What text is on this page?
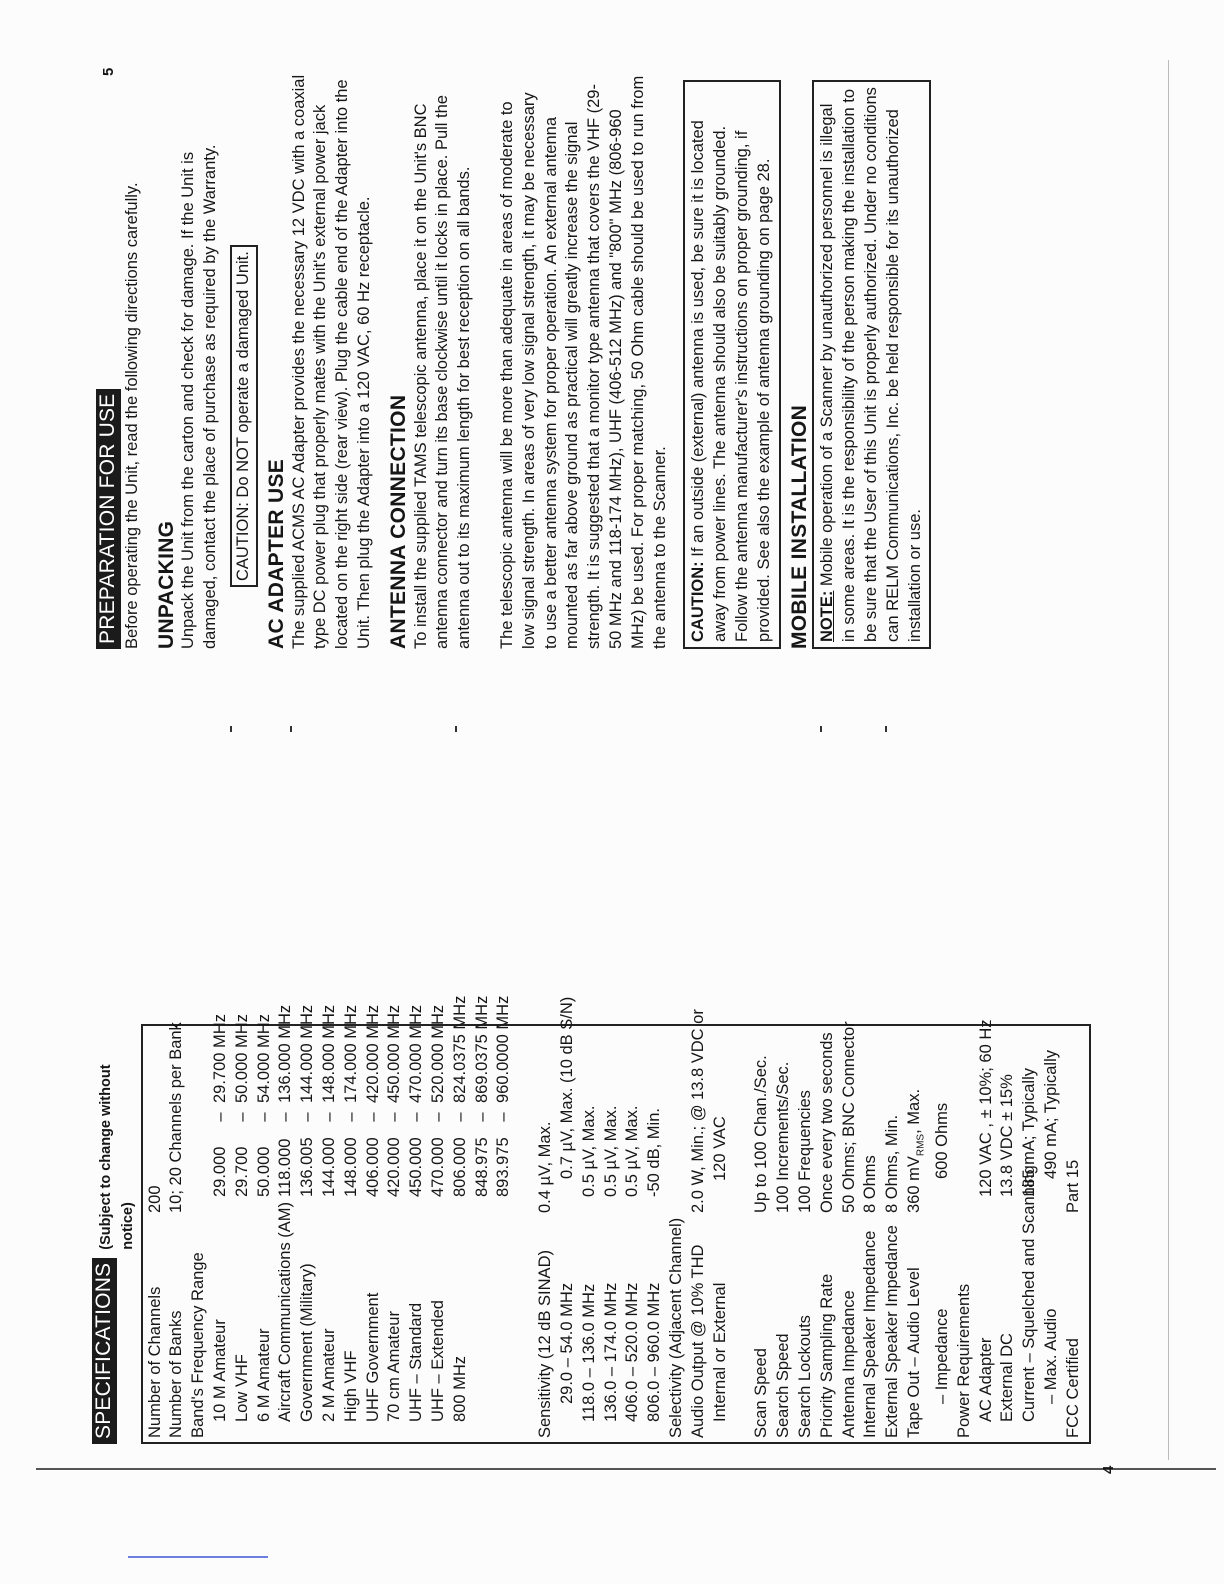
SPECIFICATIONS
(Subject to change without notice)
Number of Channels
200
Number of Banks
10; 20 Channels per Bank
Band's Frequency Range 10 M Amateur
29.000
–
29.700 MHz
Low VHF
29.700
–
50.000 MHz
6 M Amateur
50.000
–
54.000 MHz
Aircraft Communications (AM)
118.000
–
136.000 MHz
Government (Military)
136.005
–
144.000 MHz
2 M Amateur
144.000
–
148.000 MHz
High VHF
148.000
–
174.000 MHz
UHF Government
406.000
–
420.000 MHz
70 cm Amateur
420.000
–
450.000 MHz
UHF – Standard
450.000
–
470.000 MHz
UHF – Extended
470.000
–
520.000 MHz
800 MHz
806.000
–
824.0375 MHz
848.975
–
869.0375 MHz
893.975
–
960.0000 MHz
Sensitivity (12 dB SINAD)
0.4 µV, Max.
29.0 – 54.0 MHz
0.7 µV, Max. (10 dB S/N)
118.0 – 136.0 MHz
0.5 µV, Max.
136.0 – 174.0 MHz
0.5 µV, Max.
406.0 – 520.0 MHz
0.5 µV, Max.
806.0 – 960.0 MHz
-50 dB, Min.
Selectivity (Adjacent Channel) Audio Output @ 10% THD
2.0 W, Min.; @ 13.8 VDC or
Internal or External
120 VAC
Scan Speed
Up to 100 Chan./Sec.
Search Speed
100 Increments/Sec.
Search Lockouts
100 Frequencies
Priority Sampling Rate
Once every two seconds
Antenna Impedance
50 Ohms; BNC Connector
Internal Speaker Impedance
8 Ohms
External Speaker Impedance
8 Ohms, Min.
Tape Out – Audio Level
360 $mV_{RMS}$, Max.
– Impedance
600 Ohms
Power Requirements AC Adapter
120 VAC , ± 10%; 60 Hz
External DC
13.8 VDC ± 15%
Current – Squelched and Scanning
185 mA; Typically
– Max. Audio
490 mA; Typically
FCC Certified
Part 15
4
PREPARATION FOR USE Before operating the Unit, read the following directions carefully. UNPACKING Unpack the Unit from the carton and check for damage. If the Unit is damaged, contact the place of purchase as required by the Warranty. CAUTION: Do NOT operate a damaged Unit. AC ADAPTER USE The supplied ACMS AC Adapter provides the necessary 12 VDC with a coaxial type DC power plug that properly mates with the Unit's external power jack located on the right side (rear view). Plug the cable end of the Adapter into the Unit. Then plug the Adapter into a 120 VAC, 60 Hz receptacle. ANTENNA CONNECTION To install the supplied TAMS telescopic antenna, place it on the Unit's BNC antenna connector and turn its base clockwise until it locks in place. Pull the antenna out to its maximum length for best reception on all bands. The telescopic antenna will be more than adequate in areas of moderate to low signal strength. In areas of very low signal strength, it may be necessary to use a better antenna system for proper operation. An external antenna mounted as far above ground as practical will greatly increase the signal strength. It is suggested that a monitor type antenna that covers the VHF (29-50 MHz and 118-174 MHz), UHF (406-512 MHz) and "800" MHz (806-960 MHz) be used. For proper matching, 50 Ohm cable should be used to run from the antenna to the Scanner.	CAUTION: If an outside (external) antenna is used, be sure it is located away from power lines. The antenna should also be suitably grounded. Follow the antenna manufacturer's instructions on proper grounding, if provided. See also the example of antenna grounding on page 28. MOBILE INSTALLATION NOTE: Mobile operation of a Scanner by unauthorized personnel is illegal in some areas. It is the responsibility of the person making the installation to be sure that the User of this Unit is properly authorized. Under no conditions can RELM Communications, Inc. be held responsible for its unauthorized installation or use.
5
